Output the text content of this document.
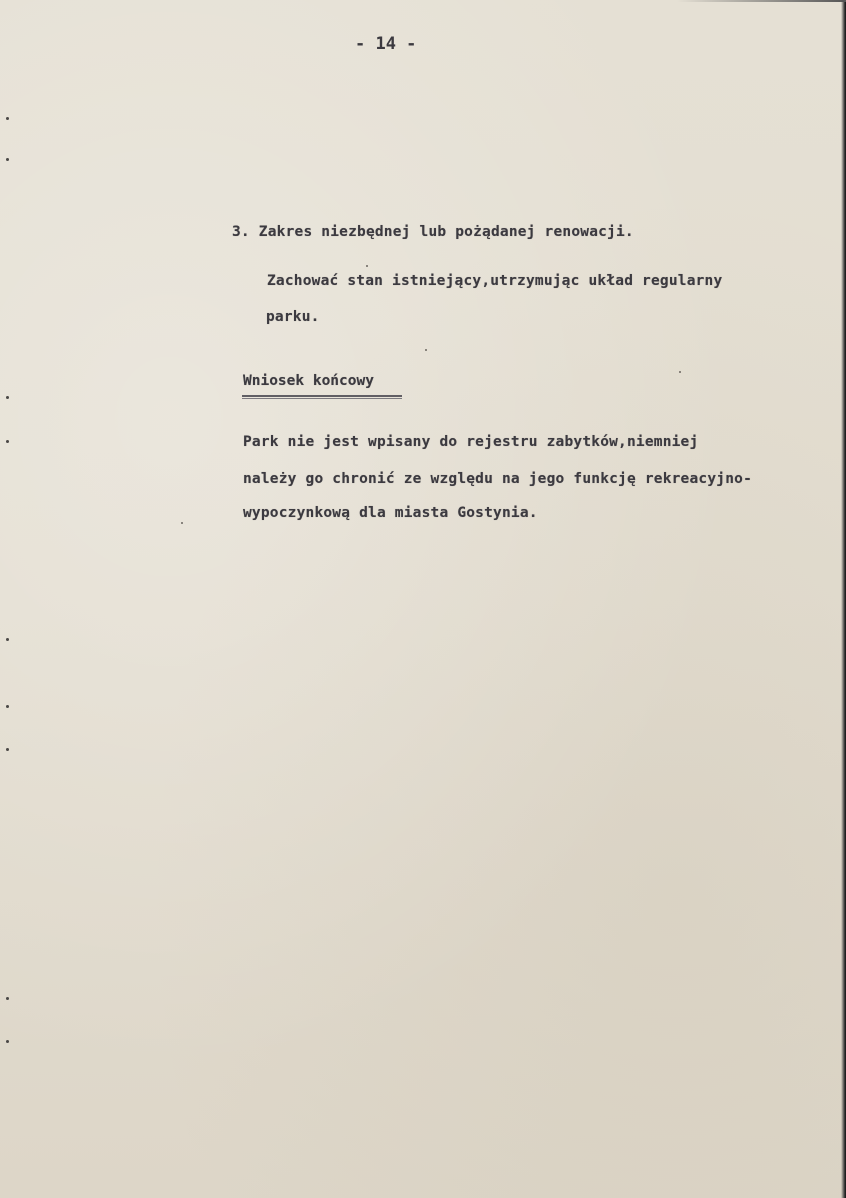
- 14 -
3. Zakres niezbędnej lub pożądanej renowacji.
Zachować stan istniejący,utrzymując układ regularny
parku.
Wniosek końcowy
Park nie jest wpisany do rejestru zabytków,niemniej
należy go chronić ze względu na jego funkcję rekreacyjno-
wypoczynkową dla miasta Gostynia.
